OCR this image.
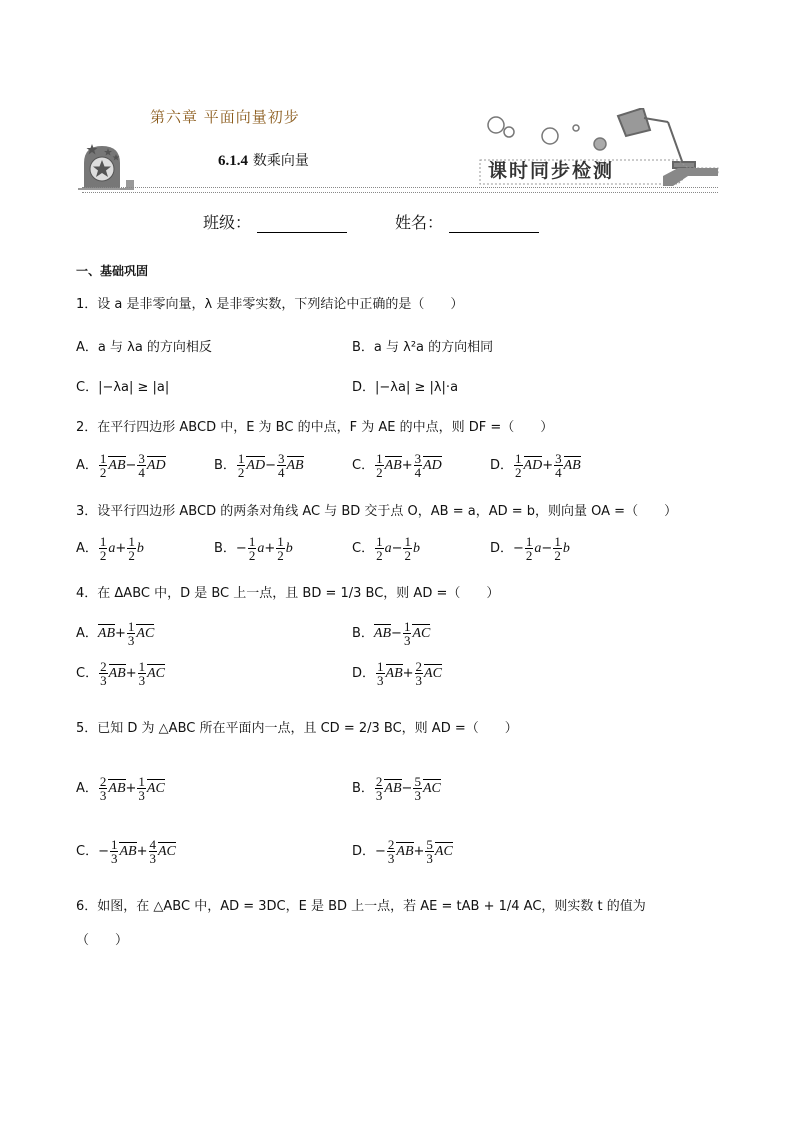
第六章 平面向量初步
6.1.4 数乘向量	课时同步检测
班级：	姓名：
一、基础巩固
1．设 a 是非零向量，λ 是非零实数，下列结论中正确的是（　　）
A．a 与 λa 的方向相反	B．a 与 λ²a 的方向相同
C．|−λa| ≥ |a|	D．|−λa| ≥ |λ|·a
2．在平行四边形 ABCD 中，E 为 BC 的中点，F 为 AE 的中点，则 DF =（　　）
A． $\frac{1}{2} AB- \frac{3}{4}$ AD	B． $\frac{1}{2} AD- \frac{3}{4}$ AB	C． $\frac{1}{2} AB+ \frac{3}{4}$ AD	D． $\frac{1}{2} AD+ \frac{3}{4}$ AB
3．设平行四边形 ABCD 的两条对角线 AC 与 BD 交于点 O，AB = a，AD = b，则向量 OA =（　　）
A． $\frac{1}{2} a+ \frac{1}{2}$ b	B．− $\frac{1}{2} a+ \frac{1}{2}$ b	C． $\frac{1}{2} a- \frac{1}{2}$ b	D．− $\frac{1}{2} a- \frac{1}{2}$ b
4．在 ΔABC 中，D 是 BC 上一点，且 BD = 1/3 BC，则 AD =（　　）
A．$AB+ \frac{1}{3}$ AC	B．$AB- \frac{1}{3}$ AC
C． $\frac{2}{3} AB+ \frac{1}{3}$ AC	D． $\frac{1}{3} AB+ \frac{2}{3}$ AC
5．已知 D 为 △ABC 所在平面内一点，且 CD = 2/3 BC，则 AD =（　　）
A． $\frac{2}{3} AB+ \frac{1}{3}$ AC	B． $\frac{2}{3} AB- \frac{5}{3}$ AC
C．− $\frac{1}{3} AB+ \frac{4}{3}$ AC	D．− $\frac{2}{3} AB+ \frac{5}{3}$ AC
6．如图，在 △ABC 中，AD = 3DC，E 是 BD 上一点，若 AE = tAB + 1/4 AC，则实数 t 的值为
（　　）
